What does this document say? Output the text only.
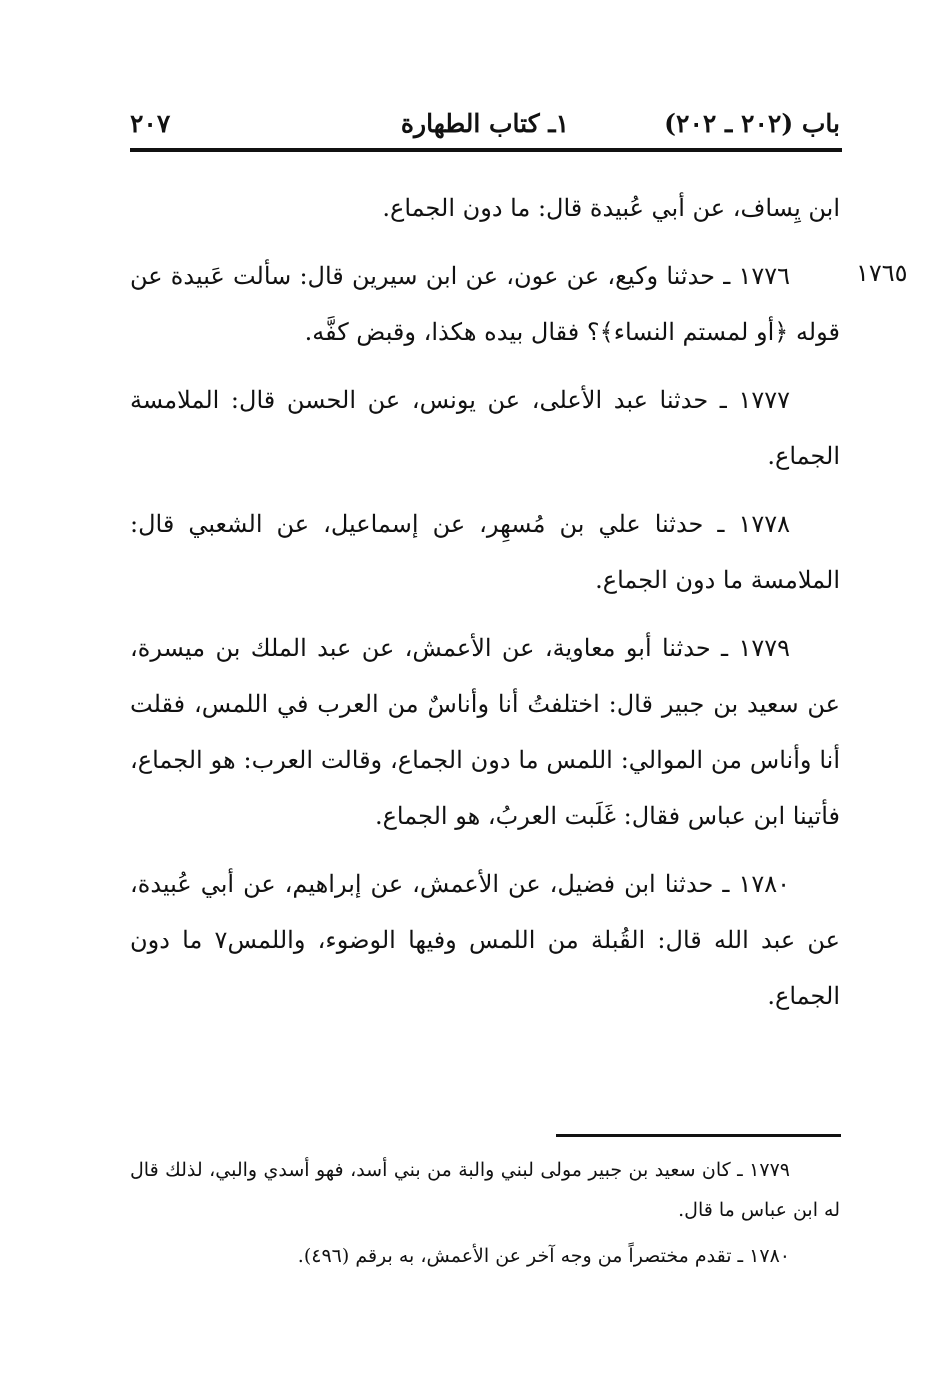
باب (٢٠٢ ـ ٢٠٢)
١ـ كتاب الطهارة
٢٠٧
١٧٦٥

ابن يِساف، عن أبي عُبيدة قال: ما دون الجماع.

١٧٧٦ ـ حدثنا وكيع، عن عون، عن ابن سيرين قال: سألت عَبيدة عن قوله ﴿أو لمستم النساء﴾؟ فقال بيده هكذا، وقبض كفَّه.

١٧٧٧ ـ حدثنا عبد الأعلى، عن يونس، عن الحسن قال: الملامسة الجماع.

١٧٧٨ ـ حدثنا علي بن مُسهِر، عن إسماعيل، عن الشعبي قال: الملامسة ما دون الجماع.

١٧٧٩ ـ حدثنا أبو معاوية، عن الأعمش، عن عبد الملك بن ميسرة، عن سعيد بن جبير قال: اختلفتُ أنا وأناسٌ من العرب في اللمس، فقلت أنا وأناس من الموالي: اللمس ما دون الجماع، وقالت العرب: هو الجماع، فأتينا ابن عباس فقال: غَلَبت العربُ، هو الجماع.

١٧٨٠ ـ حدثنا ابن فضيل، عن الأعمش، عن إبراهيم، عن أبي عُبيدة، عن عبد الله قال: القُبلة من اللمس وفيها الوضوء، واللمس٧ ما دون الجماع.

١٧٧٩ ـ كان سعيد بن جبير مولى لبني والبة من بني أسد، فهو أسدي والبي، لذلك قال له ابن عباس ما قال.

١٧٨٠ ـ تقدم مختصراً من وجه آخر عن الأعمش، به برقم (٤٩٦).
